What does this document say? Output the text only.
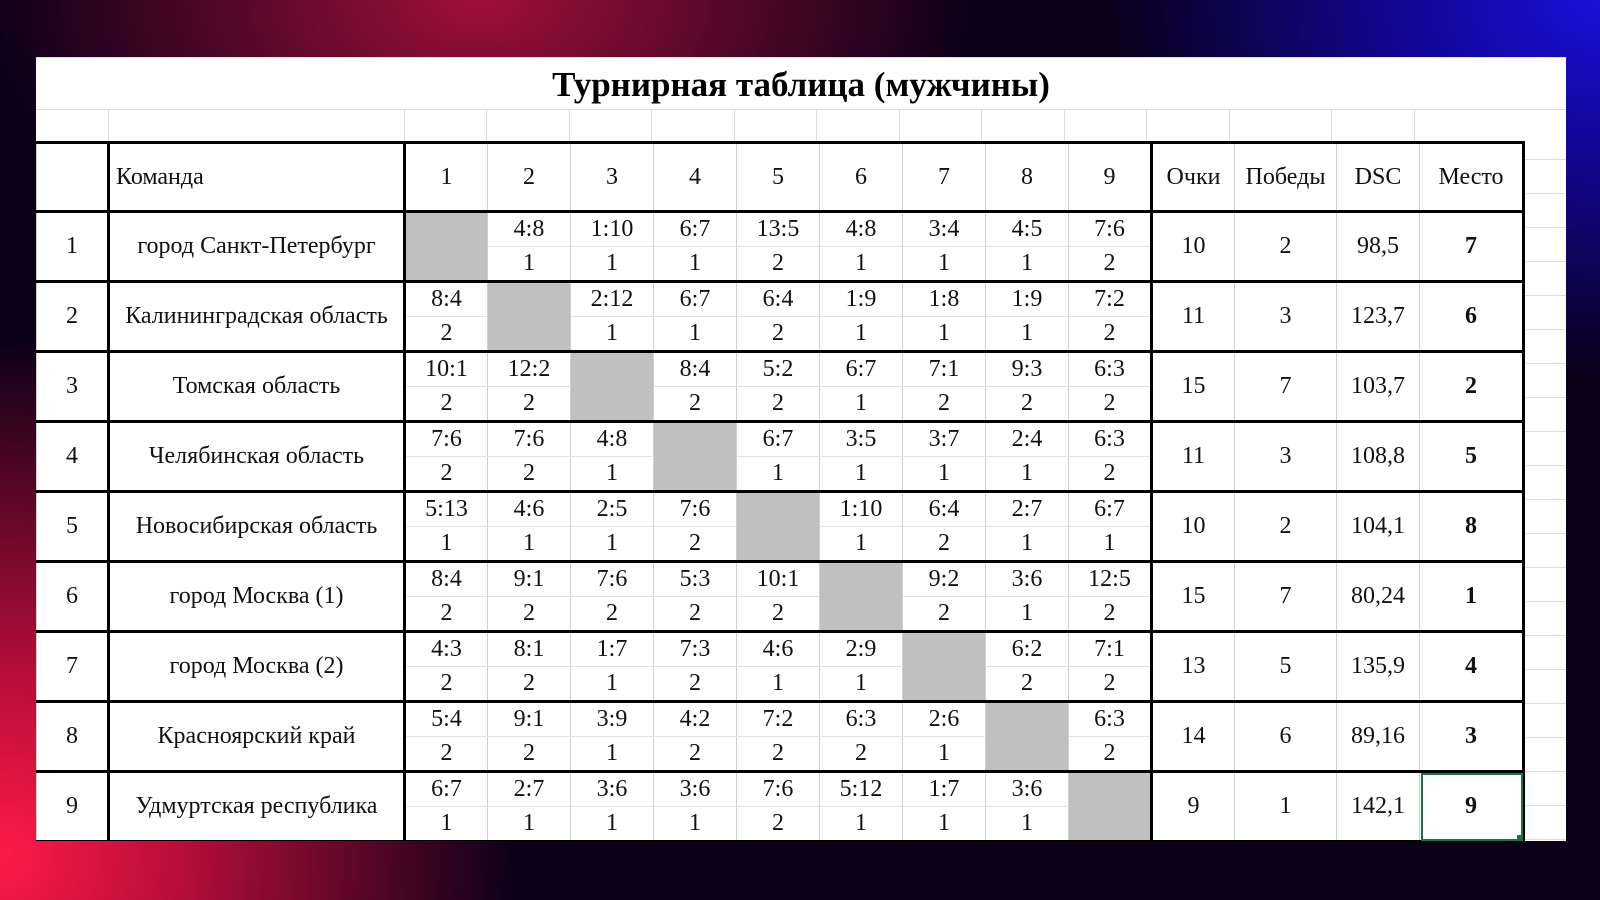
Турнирная таблица (мужчины)
	Команда	1	2	3	4	5	6	7	8	9	Очки	Победы	DSC	Место
1	город Санкт-Петербург		4:8	1:10	6:7	13:5	4:8	3:4	4:5	7:6	10	2	98,5	7
			1	1	1	2	1	1	1	2				
2	Калининградская область	8:4		2:12	6:7	6:4	1:9	1:8	1:9	7:2	11	3	123,7	6
		2		1	1	2	1	1	1	2				
3	Томская область	10:1	12:2		8:4	5:2	6:7	7:1	9:3	6:3	15	7	103,7	2
		2	2		2	2	1	2	2	2				
4	Челябинская область	7:6	7:6	4:8		6:7	3:5	3:7	2:4	6:3	11	3	108,8	5
		2	2	1		1	1	1	1	2				
5	Новосибирская область	5:13	4:6	2:5	7:6		1:10	6:4	2:7	6:7	10	2	104,1	8
		1	1	1	2		1	2	1	1				
6	город Москва (1)	8:4	9:1	7:6	5:3	10:1		9:2	3:6	12:5	15	7	80,24	1
		2	2	2	2	2		2	1	2				
7	город Москва (2)	4:3	8:1	1:7	7:3	4:6	2:9		6:2	7:1	13	5	135,9	4
		2	2	1	2	1	1		2	2				
8	Красноярский край	5:4	9:1	3:9	4:2	7:2	6:3	2:6		6:3	14	6	89,16	3
		2	2	1	2	2	2	1		2				
9	Удмуртская республика	6:7	2:7	3:6	3:6	7:6	5:12	1:7	3:6		9	1	142,1	9
		1	1	1	1	2	1	1	1					
